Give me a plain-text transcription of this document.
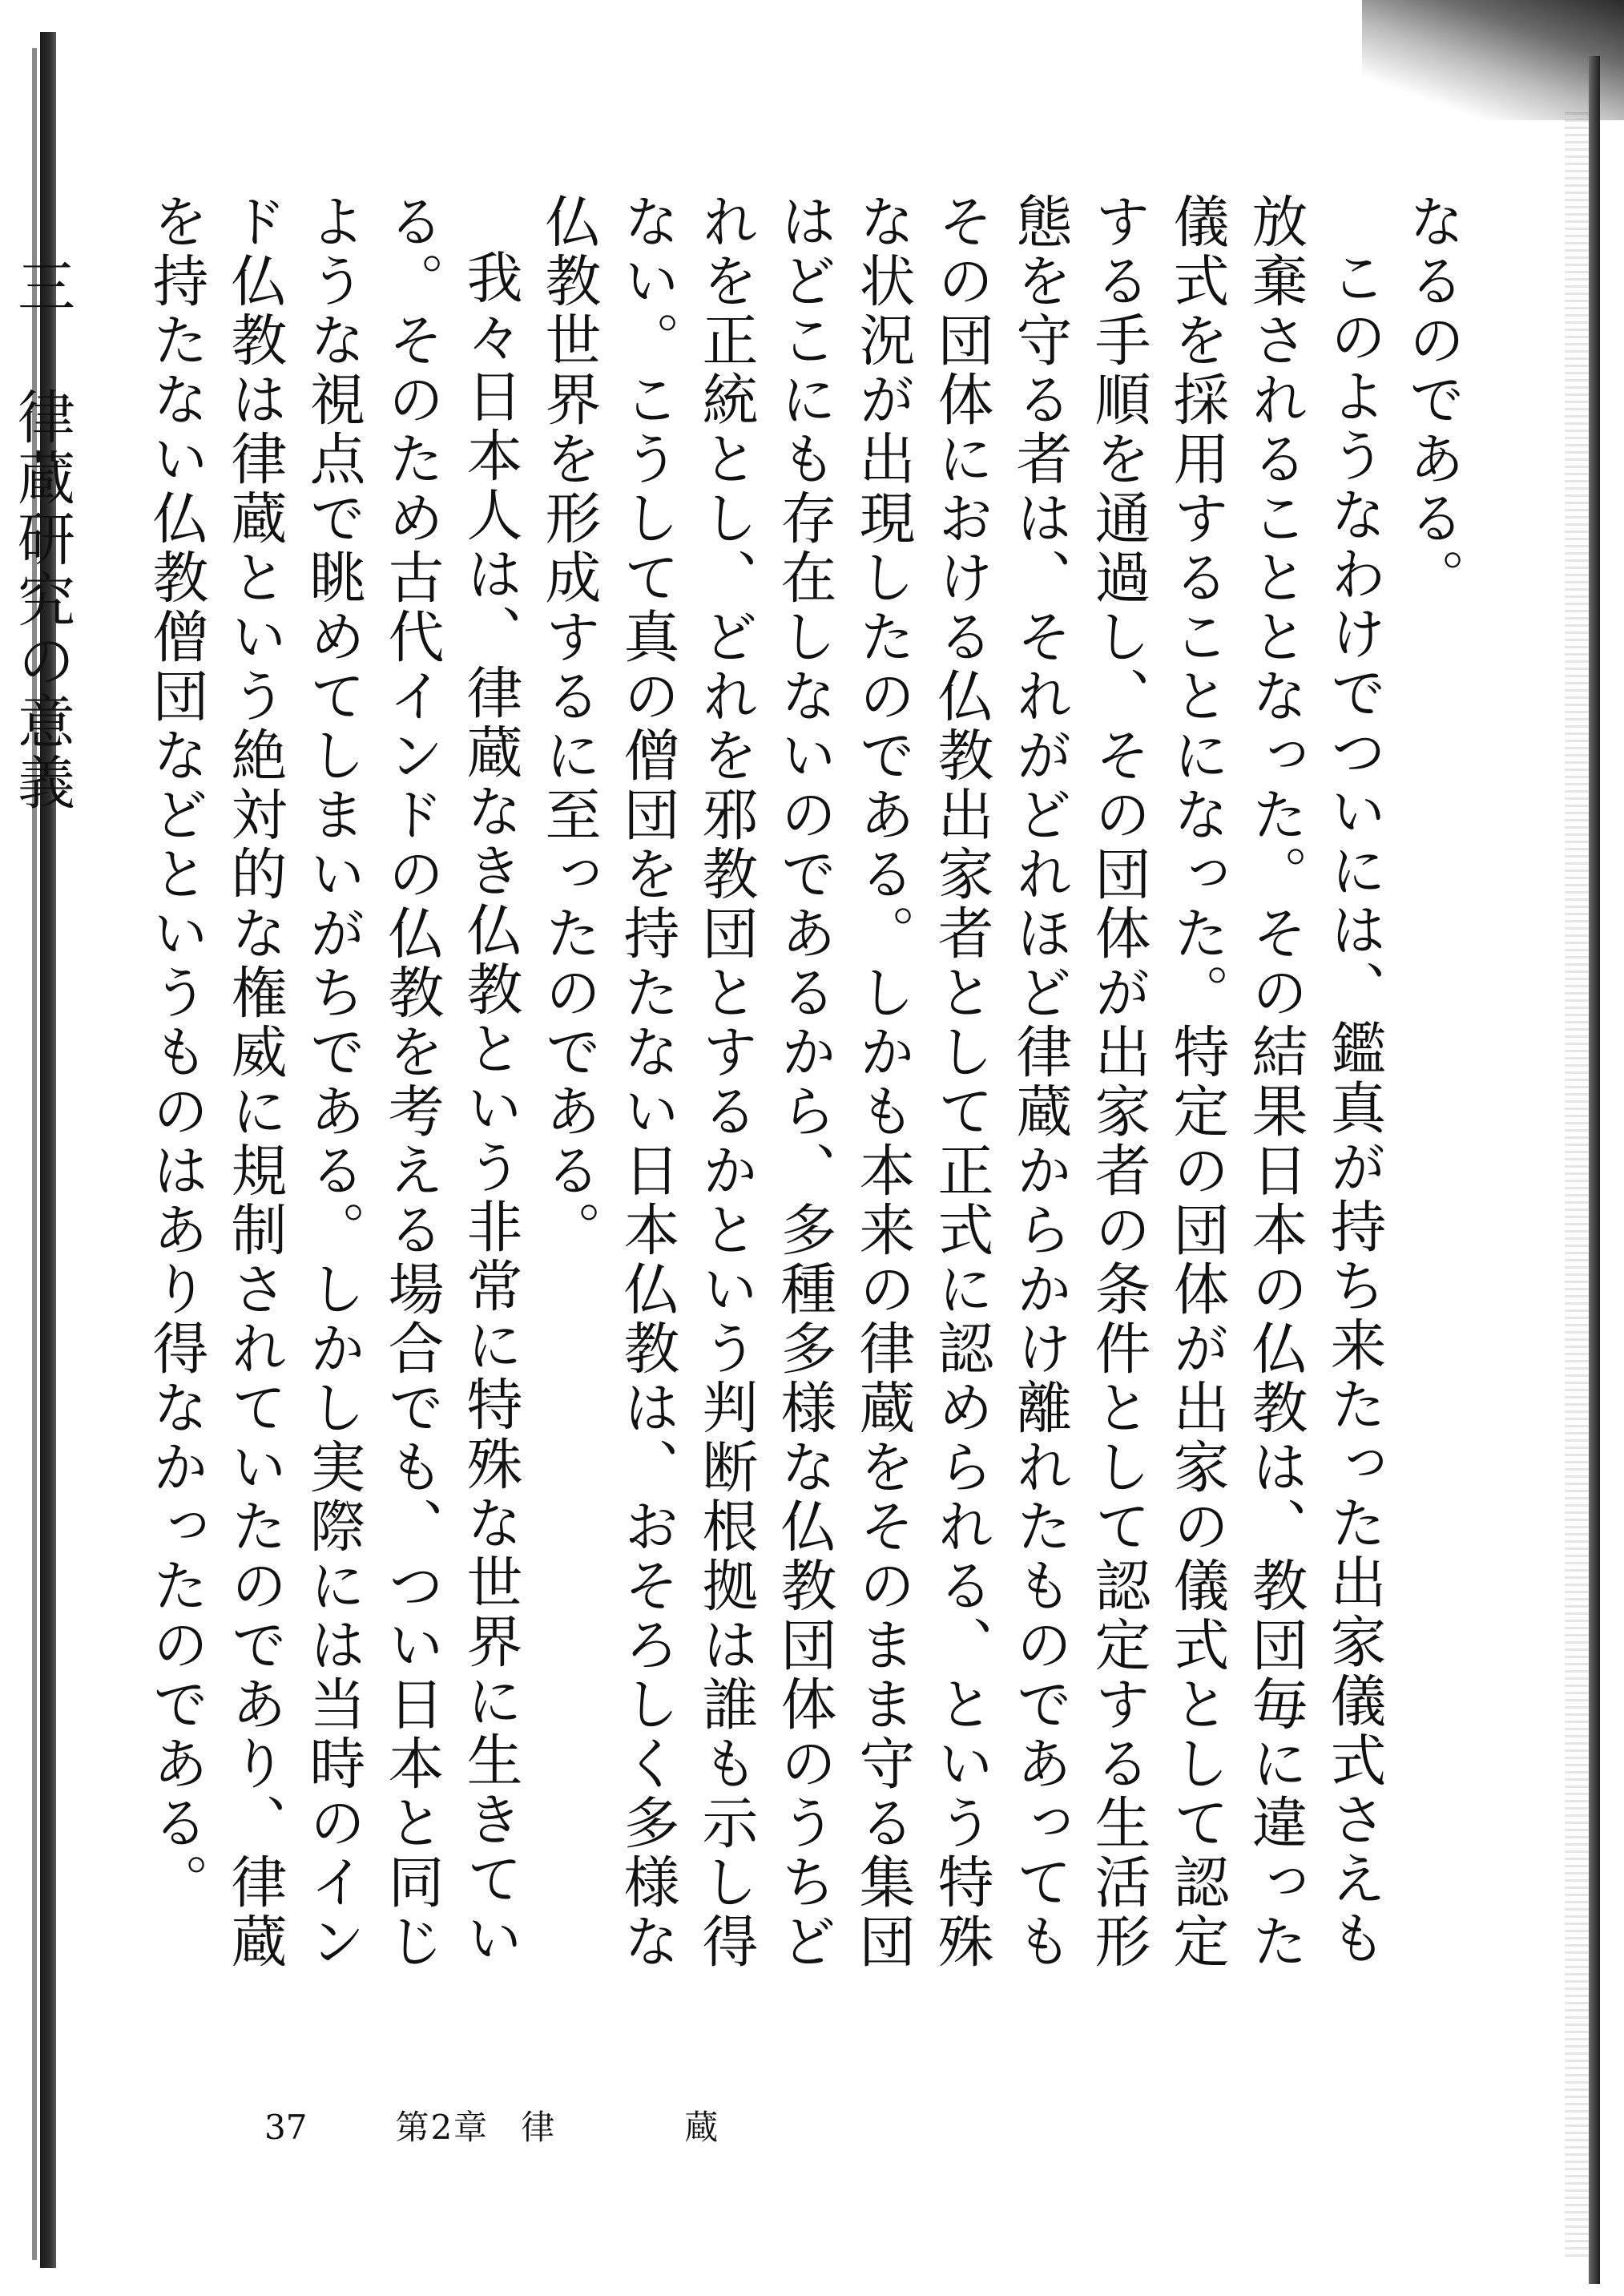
なるのである。

このようなわけでついには、鑑真が持ち来たった出家儀式さえも放棄されることとなった。その結果日本の仏教は、教団毎に違った儀式を採用することになった。特定の団体が出家の儀式として認定する手順を通過し、その団体が出家者の条件として認定する生活形態を守る者は、それがどれほど律蔵からかけ離れたものであってもその団体における仏教出家者として正式に認められる、という特殊な状況が出現したのである。しかも本来の律蔵をそのまま守る集団はどこにも存在しないのであるから、多種多様な仏教団体のうちどれを正統とし、どれを邪教団とするかという判断根拠は誰も示し得ない。こうして真の僧団を持たない日本仏教は、おそろしく多様な仏教世界を形成するに至ったのである。

我々日本人は、律蔵なき仏教という非常に特殊な世界に生きている。そのため古代インドの仏教を考える場合でも、つい日本と同じような視点で眺めてしまいがちである。しかし実際には当時のインド仏教は律蔵という絶対的な権威に規制されていたのであり、律蔵を持たない仏教僧団などというものはあり得なかったのである。

三 律蔵研究の意義

37	第2章 律　蔵
